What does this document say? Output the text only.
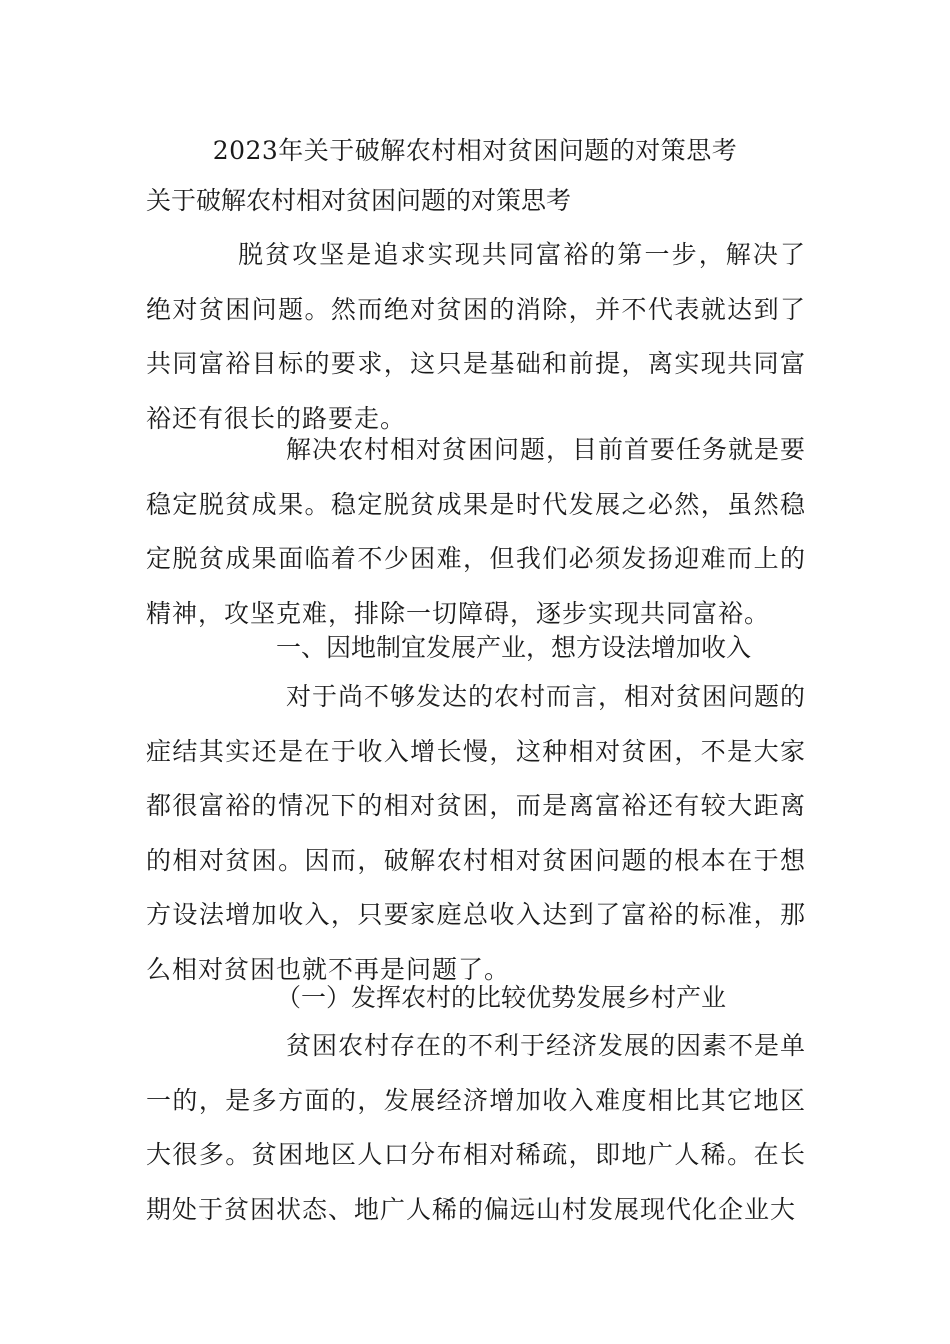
2023年关于破解农村相对贫困问题的对策思考
关于破解农村相对贫困问题的对策思考

脱贫攻坚是追求实现共同富裕的第一步，解决了绝对贫困问题。然而绝对贫困的消除，并不代表就达到了共同富裕目标的要求，这只是基础和前提，离实现共同富裕还有很长的路要走。

解决农村相对贫困问题，目前首要任务就是要稳定脱贫成果。稳定脱贫成果是时代发展之必然，虽然稳定脱贫成果面临着不少困难，但我们必须发扬迎难而上的精神，攻坚克难，排除一切障碍，逐步实现共同富裕。

一、因地制宜发展产业，想方设法增加收入

对于尚不够发达的农村而言，相对贫困问题的症结其实还是在于收入增长慢，这种相对贫困，不是大家都很富裕的情况下的相对贫困，而是离富裕还有较大距离的相对贫困。因而，破解农村相对贫困问题的根本在于想方设法增加收入，只要家庭总收入达到了富裕的标准，那么相对贫困也就不再是问题了。

（一）发挥农村的比较优势发展乡村产业

贫困农村存在的不利于经济发展的因素不是单一的，是多方面的，发展经济增加收入难度相比其它地区大很多。贫困地区人口分布相对稀疏，即地广人稀。在长期处于贫困状态、地广人稀的偏远山村发展现代化企业大
